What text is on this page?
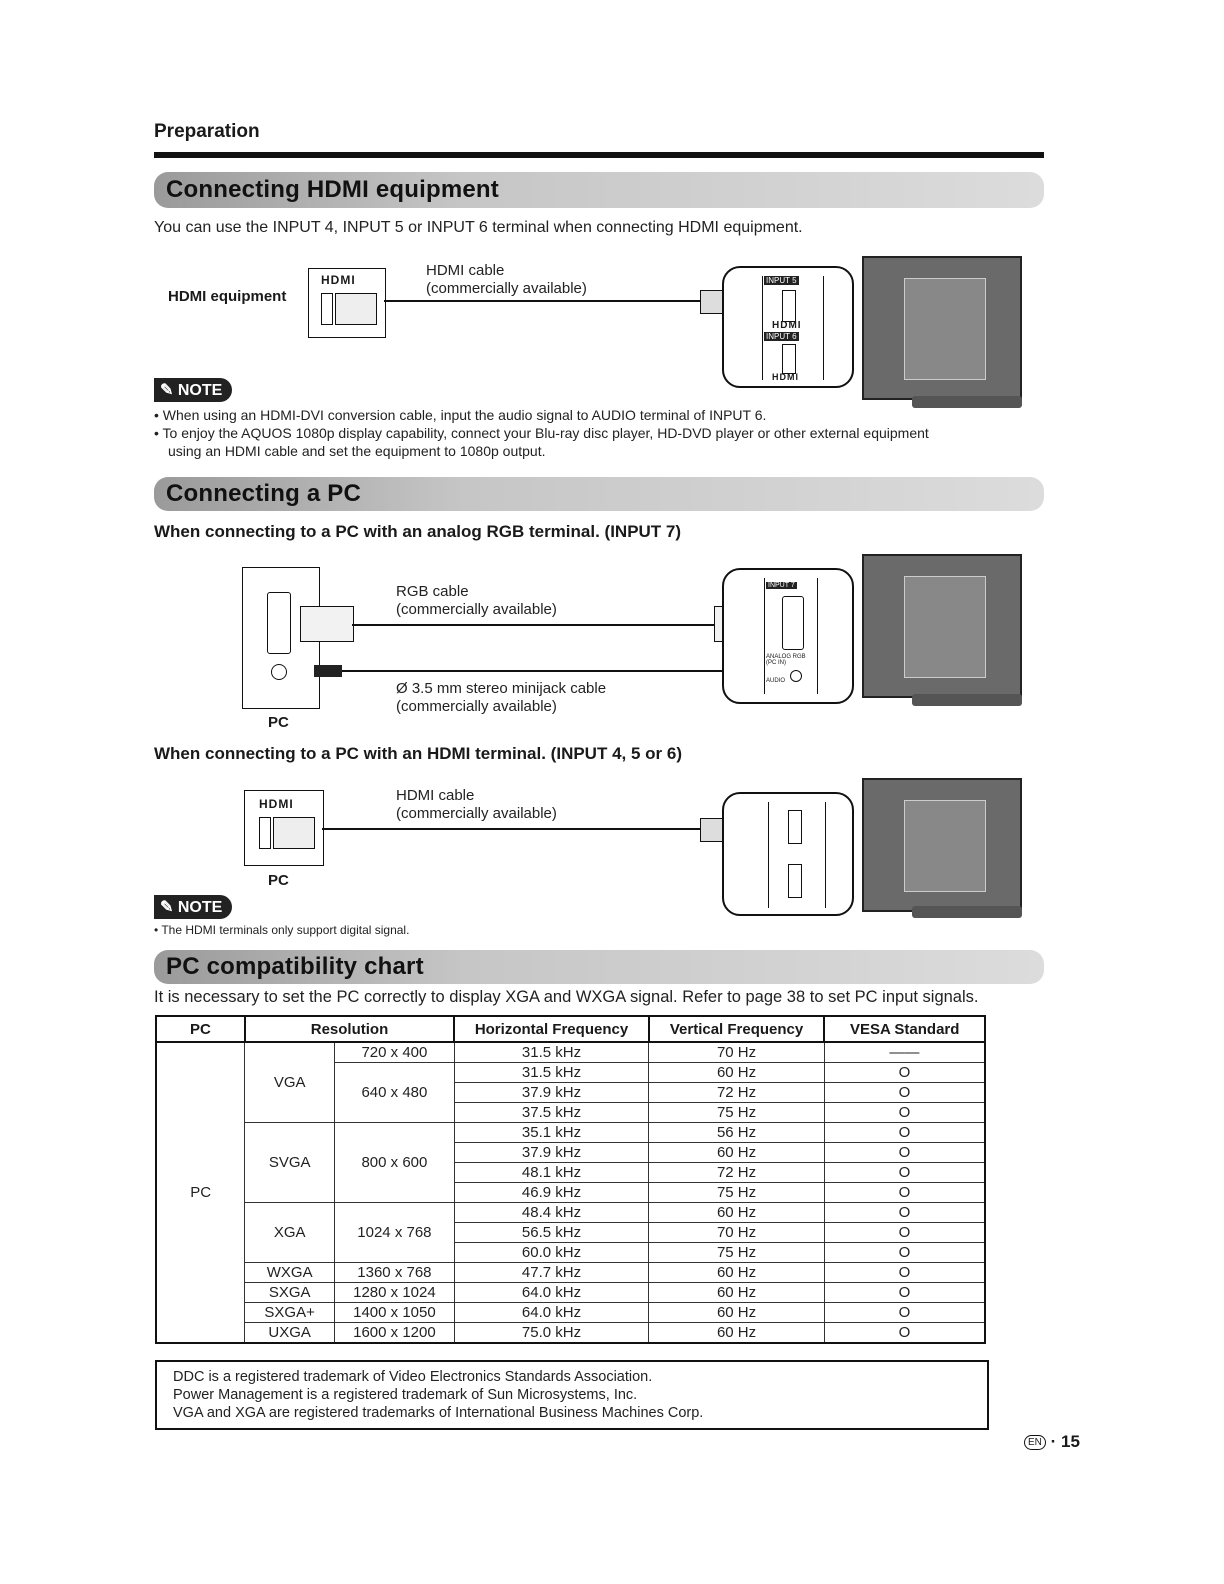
Preparation
Connecting HDMI equipment
You can use the INPUT 4, INPUT 5 or INPUT 6 terminal when connecting HDMI equipment.
HDMI equipment
HDMI
HDMI cable
(commercially available)	INPUT 5
HDMI
INPUT 6
HDMI
✎ NOTE
• When using an HDMI-DVI conversion cable, input the audio signal to AUDIO terminal of INPUT 6.
• To enjoy the AQUOS 1080p display capability, connect your Blu-ray disc player, HD-DVD player or other external equipment
using an HDMI cable and set the equipment to 1080p output.
Connecting a PC
When connecting to a PC with an analog RGB terminal. (INPUT 7)
PC
RGB cable
(commercially available)
Ø 3.5 mm stereo minijack cable
(commercially available)
INPUT 7
ANALOG RGB (PC IN)
AUDIO
When connecting to a PC with an HDMI terminal. (INPUT 4, 5 or 6)
HDMI
PC
HDMI cable
(commercially available)
✎ NOTE
• The HDMI terminals only support digital signal.
PC compatibility chart
It is necessary to set the PC correctly to display XGA and WXGA signal. Refer to page 38 to set PC input signals.
PC	Resolution		Horizontal Frequency	Vertical Frequency	VESA Standard
PC	VGA	720 x 400	31.5 kHz	70 Hz	——
		640 x 480	31.5 kHz	60 Hz	O
			37.9 kHz	72 Hz	O
			37.5 kHz	75 Hz	O
	SVGA	800 x 600	35.1 kHz	56 Hz	O
			37.9 kHz	60 Hz	O
			48.1 kHz	72 Hz	O
			46.9 kHz	75 Hz	O
	XGA	1024 x 768	48.4 kHz	60 Hz	O
			56.5 kHz	70 Hz	O
			60.0 kHz	75 Hz	O
	WXGA	1360 x 768	47.7 kHz	60 Hz	O
	SXGA	1280 x 1024	64.0 kHz	60 Hz	O
	SXGA+	1400 x 1050	64.0 kHz	60 Hz	O
	UXGA	1600 x 1200	75.0 kHz	60 Hz	O
DDC is a registered trademark of Video Electronics Standards Association.
Power Management is a registered trademark of Sun Microsystems, Inc.
VGA and XGA are registered trademarks of International Business Machines Corp.
EN · 15
